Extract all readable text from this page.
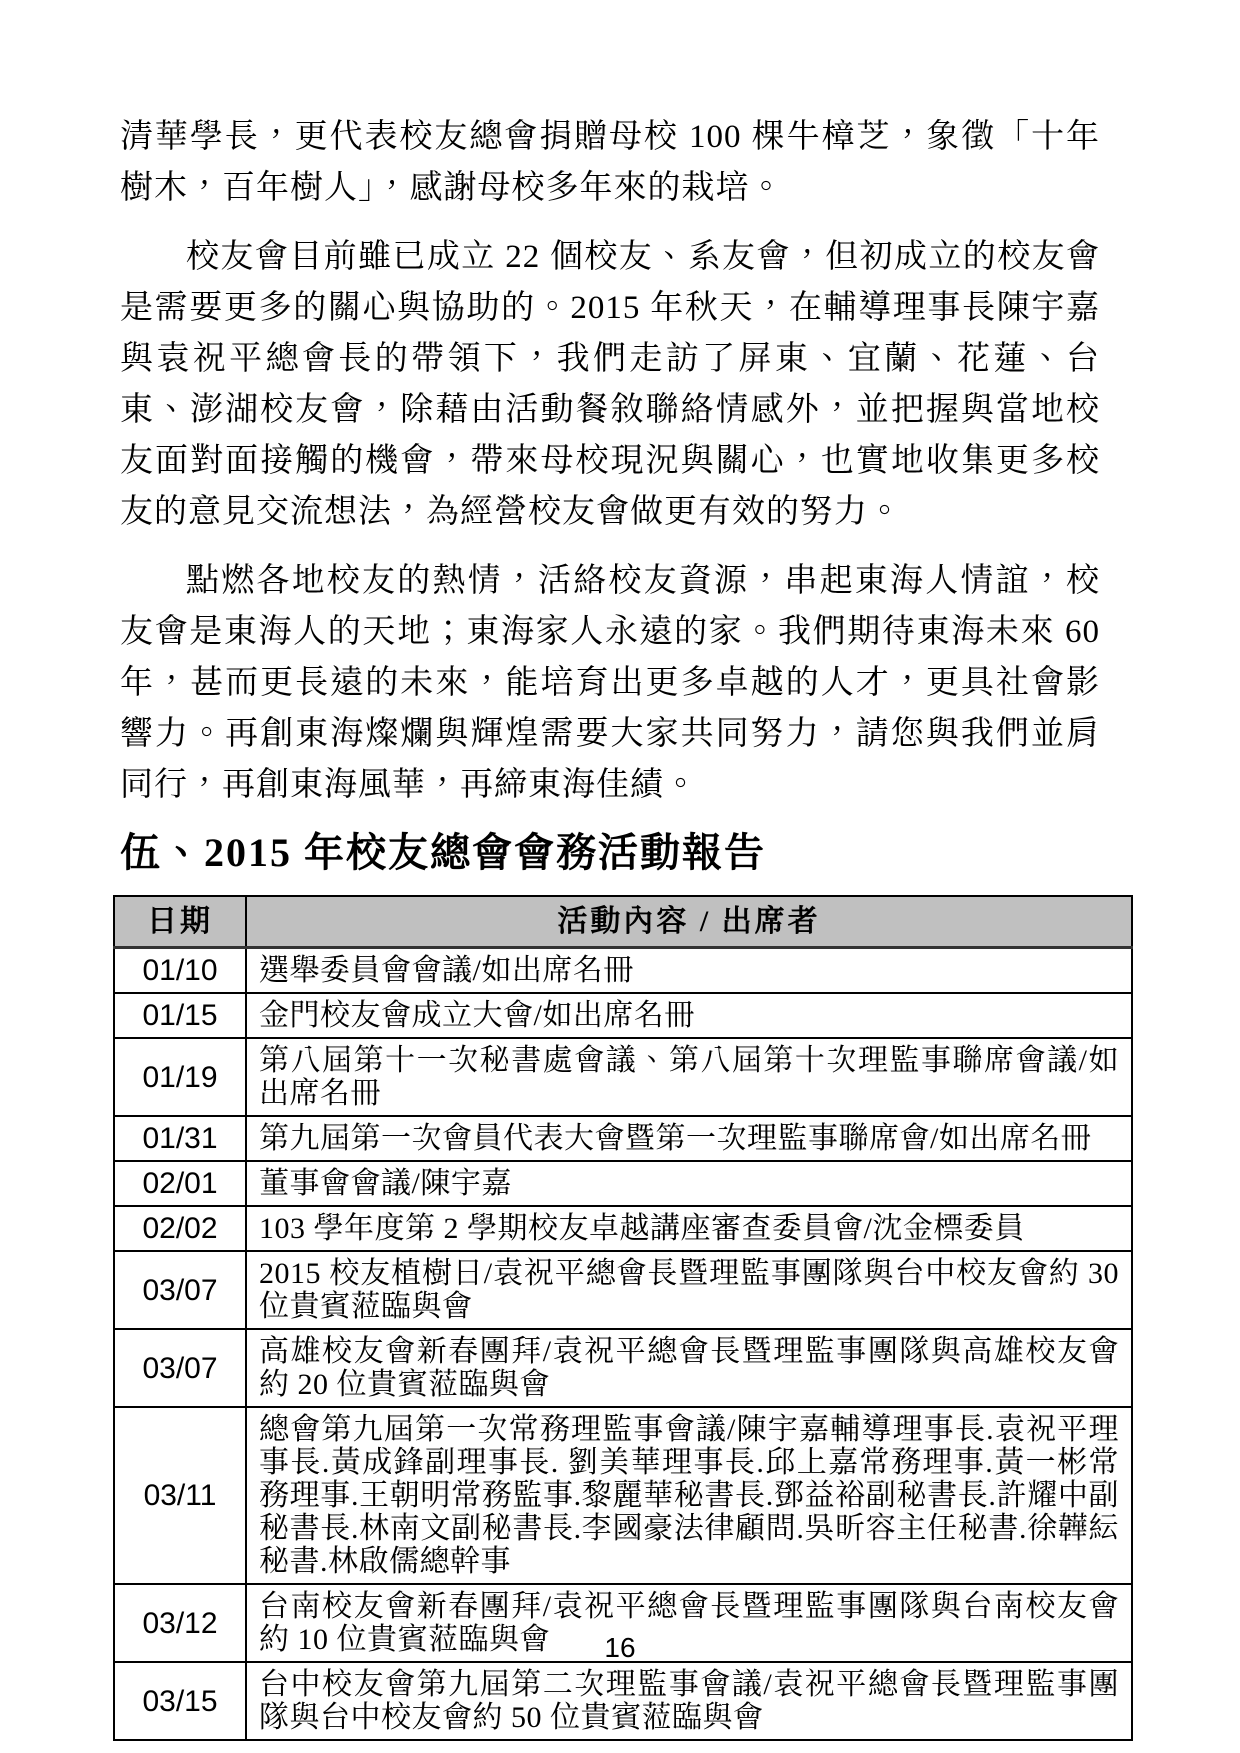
清華學長，更代表校友總會捐贈母校 100 棵牛樟芝，象徵「十年樹木，百年樹人」，感謝母校多年來的栽培。

校友會目前雖已成立 22 個校友、系友會，但初成立的校友會是需要更多的關心與協助的。2015 年秋天，在輔導理事長陳宇嘉與袁祝平總會長的帶領下，我們走訪了屏東、宜蘭、花蓮、台東、澎湖校友會，除藉由活動餐敘聯絡情感外，並把握與當地校友面對面接觸的機會，帶來母校現況與關心，也實地收集更多校友的意見交流想法，為經營校友會做更有效的努力。

點燃各地校友的熱情，活絡校友資源，串起東海人情誼，校友會是東海人的天地；東海家人永遠的家。我們期待東海未來 60 年，甚而更長遠的未來，能培育出更多卓越的人才，更具社會影響力。再創東海燦爛與輝煌需要大家共同努力，請您與我們並肩同行，再創東海風華，再締東海佳績。

伍、2015 年校友總會會務活動報告
日期	活動內容 / 出席者
01/10	選舉委員會會議/如出席名冊
01/15	金門校友會成立大會/如出席名冊
01/19	第八屆第十一次秘書處會議、第八屆第十次理監事聯席會議/如出席名冊
01/31	第九屆第一次會員代表大會暨第一次理監事聯席會/如出席名冊
02/01	董事會會議/陳宇嘉
02/02	103 學年度第 2 學期校友卓越講座審查委員會/沈金標委員
03/07	2015 校友植樹日/袁祝平總會長暨理監事團隊與台中校友會約 30 位貴賓蒞臨與會
03/07	高雄校友會新春團拜/袁祝平總會長暨理監事團隊與高雄校友會約 20 位貴賓蒞臨與會
03/11	總會第九屆第一次常務理監事會議/陳宇嘉輔導理事長.袁祝平理事長.黃成鋒副理事長. 劉美華理事長.邱上嘉常務理事.黃一彬常務理事.王朝明常務監事.黎麗華秘書長.鄧益裕副秘書長.許耀中副秘書長.林南文副秘書長.李國豪法律顧問.吳昕容主任秘書.徐韡紜秘書.林啟儒總幹事
03/12	台南校友會新春團拜/袁祝平總會長暨理監事團隊與台南校友會約 10 位貴賓蒞臨與會
03/15	台中校友會第九屆第二次理監事會議/袁祝平總會長暨理監事團隊與台中校友會約 50 位貴賓蒞臨與會
16
